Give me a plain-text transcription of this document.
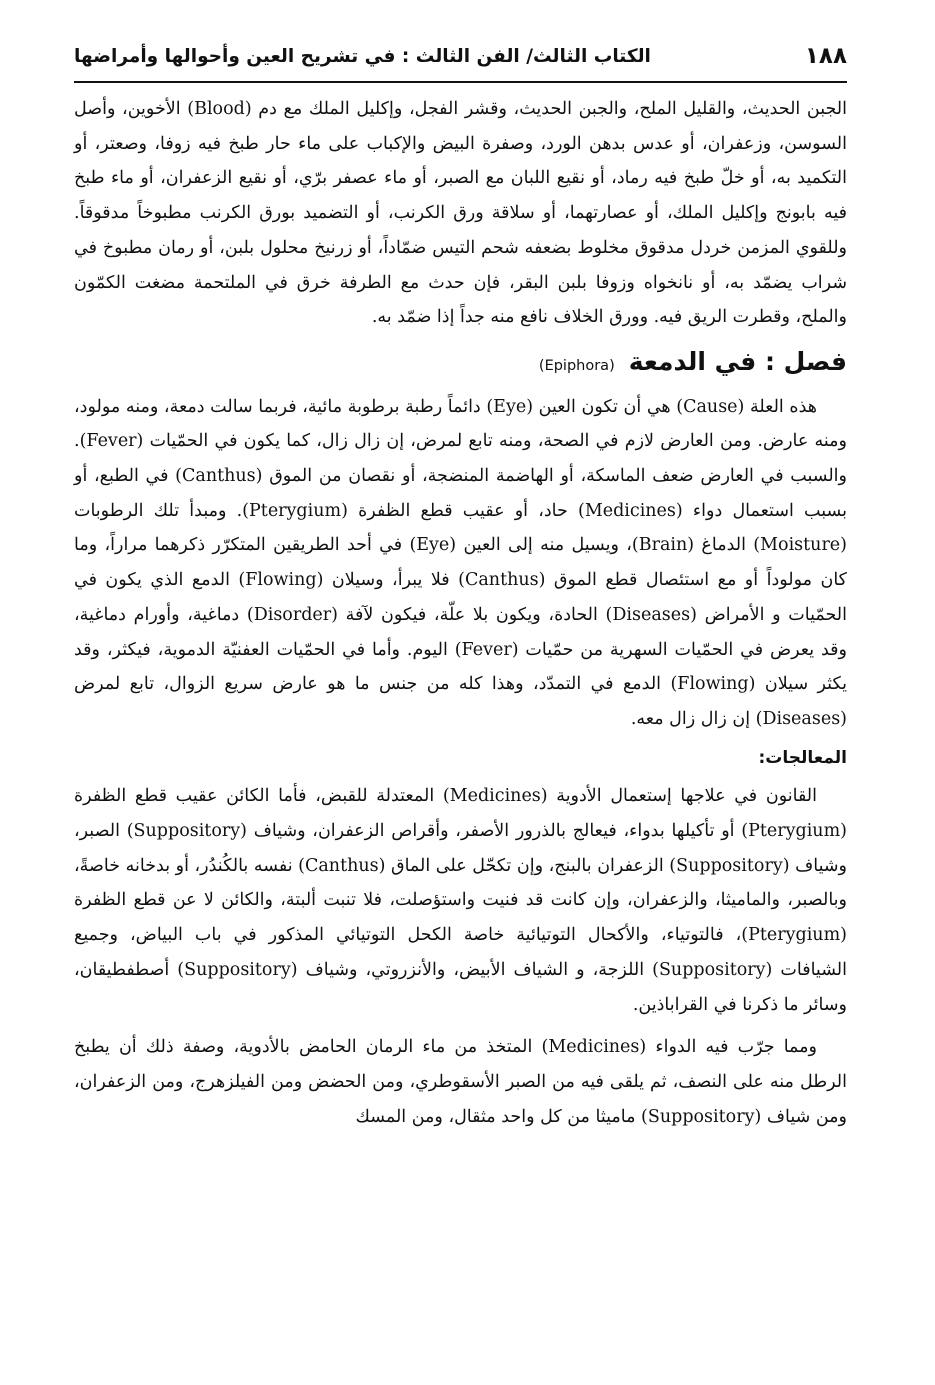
١٨٨
الكتاب الثالث/ الفن الثالث : في تشريح العين وأحوالها وأمراضها

الجبن الحديث، والقليل الملح، والجبن الحديث، وقشر الفجل، وإكليل الملك مع دم (Blood) الأخوين، وأصل السوسن، وزعفران، أو عدس بدهن الورد، وصفرة البيض والإكباب على ماء حار طبخ فيه زوفا، وصعتر، أو التكميد به، أو خلّ طبخ فيه رماد، أو نقيع اللبان مع الصبر، أو ماء عصفر برّي، أو نقيع الزعفران، أو ماء طبخ فيه بابونج وإكليل الملك، أو عصارتهما، أو سلاقة ورق الكرنب، أو التضميد بورق الكرنب مطبوخاً مدقوقاً. وللقوي المزمن خردل مدقوق مخلوط بضعفه شحم التيس ضمّاداً، أو زرنيخ محلول بلبن، أو رمان مطبوخ في شراب يضمّد به، أو نانخواه وزوفا بلبن البقر، فإن حدث مع الطرفة خرق في الملتحمة مضغت الكمّون والملح، وقطرت الريق فيه. وورق الخلاف نافع منه جداً إذا ضمّد به.

فصل : في الدمعة
(Epiphora)

هذه العلة (Cause) هي أن تكون العين (Eye) دائماً رطبة برطوبة مائية، فربما سالت دمعة، ومنه مولود، ومنه عارض. ومن العارض لازم في الصحة، ومنه تابع لمرض، إن زال زال، كما يكون في الحمّيات (Fever). والسبب في العارض ضعف الماسكة، أو الهاضمة المنضجة، أو نقصان من الموق (Canthus) في الطبع، أو بسبب استعمال دواء (Medicines) حاد، أو عقيب قطع الظفرة (Pterygium). ومبدأ تلك الرطوبات (Moisture) الدماغ (Brain)، ويسيل منه إلى العين (Eye) في أحد الطريقين المتكرّر ذكرهما مراراً، وما كان مولوداً أو مع استئصال قطع الموق (Canthus) فلا يبرأ، وسيلان (Flowing) الدمع الذي يكون في الحمّيات و الأمراض (Diseases) الحادة، ويكون بلا علّة، فيكون لآفة (Disorder) دماغية، وأورام دماغية، وقد يعرض في الحمّيات السهرية من حمّيات (Fever) اليوم. وأما في الحمّيات العفنيّة الدموية، فيكثر، وقد يكثر سيلان (Flowing) الدمع في التمدّد، وهذا كله من جنس ما هو عارض سريع الزوال، تابع لمرض (Diseases) إن زال زال معه.

المعالجات:

القانون في علاجها إستعمال الأدوية (Medicines) المعتدلة للقبض، فأما الكائن عقيب قطع الظفرة (Pterygium) أو تأكيلها بدواء، فيعالج بالذرور الأصفر، وأقراص الزعفران، وشياف (Suppository) الصبر، وشياف (Suppository) الزعفران بالبنج، وإن تكحّل على الماق (Canthus) نفسه بالكُندُر، أو بدخانه خاصةً، وبالصبر، والماميثا، والزعفران، وإن كانت قد فنيت واستؤصلت، فلا تنبت ألبتة، والكائن لا عن قطع الظفرة (Pterygium)، فالتوتياء، والأكحال التوتيائية خاصة الكحل التوتيائي المذكور في باب البياض، وجميع الشيافات (Suppository) اللزجة، و الشياف الأبيض، والأنزروتي، وشياف (Suppository) أصطفطيقان، وسائر ما ذكرنا في القراباذين.

ومما جرّب فيه الدواء (Medicines) المتخذ من ماء الرمان الحامض بالأدوية، وصفة ذلك أن يطبخ الرطل منه على النصف، ثم يلقى فيه من الصبر الأسقوطري، ومن الحضض ومن الفيلزهرج، ومن الزعفران، ومن شياف (Suppository) ماميثا من كل واحد مثقال، ومن المسك
